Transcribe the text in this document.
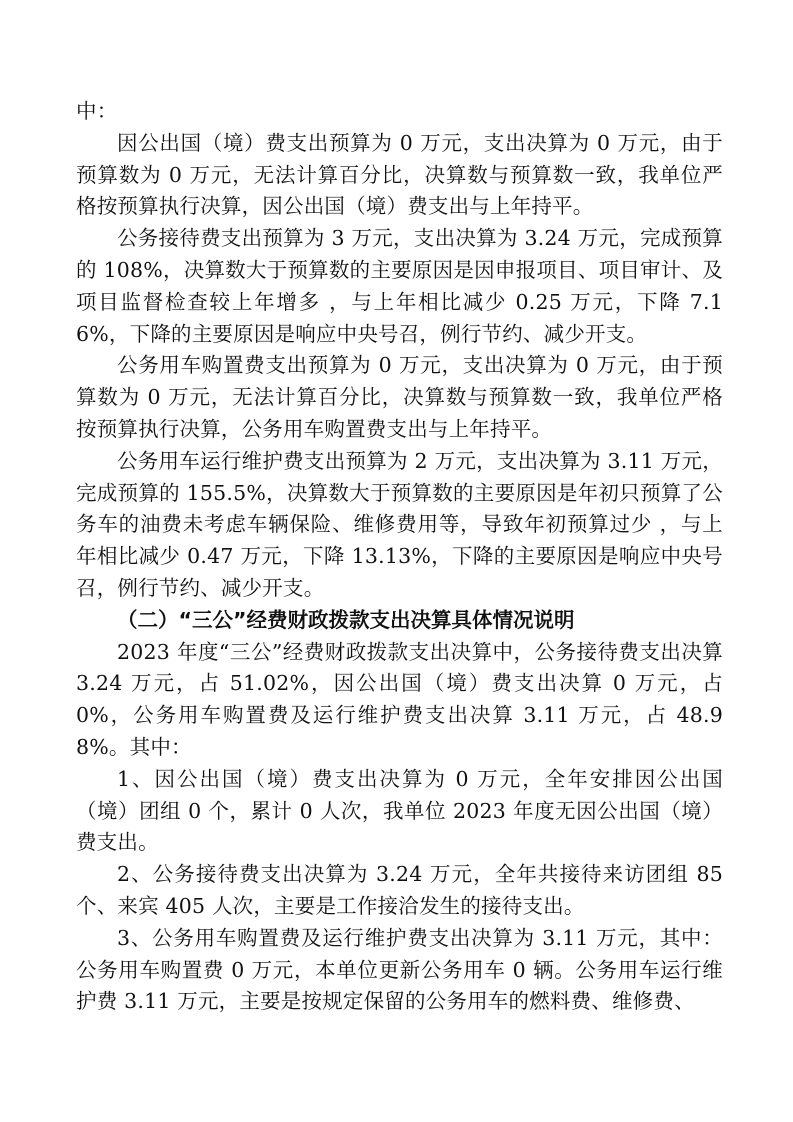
中：

因公出国（境）费支出预算为 0 万元，支出决算为 0 万元，由于预算数为 0 万元，无法计算百分比，决算数与预算数一致，我单位严格按预算执行决算，因公出国（境）费支出与上年持平。

公务接待费支出预算为 3 万元，支出决算为 3.24 万元，完成预算的 108%，决算数大于预算数的主要原因是因申报项目、项目审计、及项目监督检查较上年增多 ，与上年相比减少 0.25 万元，下降 7.16%，下降的主要原因是响应中央号召，例行节约、减少开支。

公务用车购置费支出预算为 0 万元，支出决算为 0 万元，由于预算数为 0 万元，无法计算百分比，决算数与预算数一致，我单位严格按预算执行决算，公务用车购置费支出与上年持平。

公务用车运行维护费支出预算为 2 万元，支出决算为 3.11 万元，完成预算的 155.5%，决算数大于预算数的主要原因是年初只预算了公务车的油费未考虑车辆保险、维修费用等，导致年初预算过少 ，与上年相比减少 0.47 万元，下降 13.13%，下降的主要原因是响应中央号召，例行节约、减少开支。

（二）“三公”经费财政拨款支出决算具体情况说明

2023 年度“三公”经费财政拨款支出决算中，公务接待费支出决算 3.24 万元，占 51.02%，因公出国（境）费支出决算 0 万元，占 0%，公务用车购置费及运行维护费支出决算 3.11 万元，占 48.98%。其中：

1、因公出国（境）费支出决算为 0 万元，全年安排因公出国（境）团组 0 个，累计 0 人次，我单位 2023 年度无因公出国（境）费支出。

2、公务接待费支出决算为 3.24 万元，全年共接待来访团组 85 个、来宾 405 人次，主要是工作接洽发生的接待支出。

3、公务用车购置费及运行维护费支出决算为 3.11 万元，其中：公务用车购置费 0 万元，本单位更新公务用车 0 辆。公务用车运行维护费 3.11 万元，主要是按规定保留的公务用车的燃料费、维修费、
